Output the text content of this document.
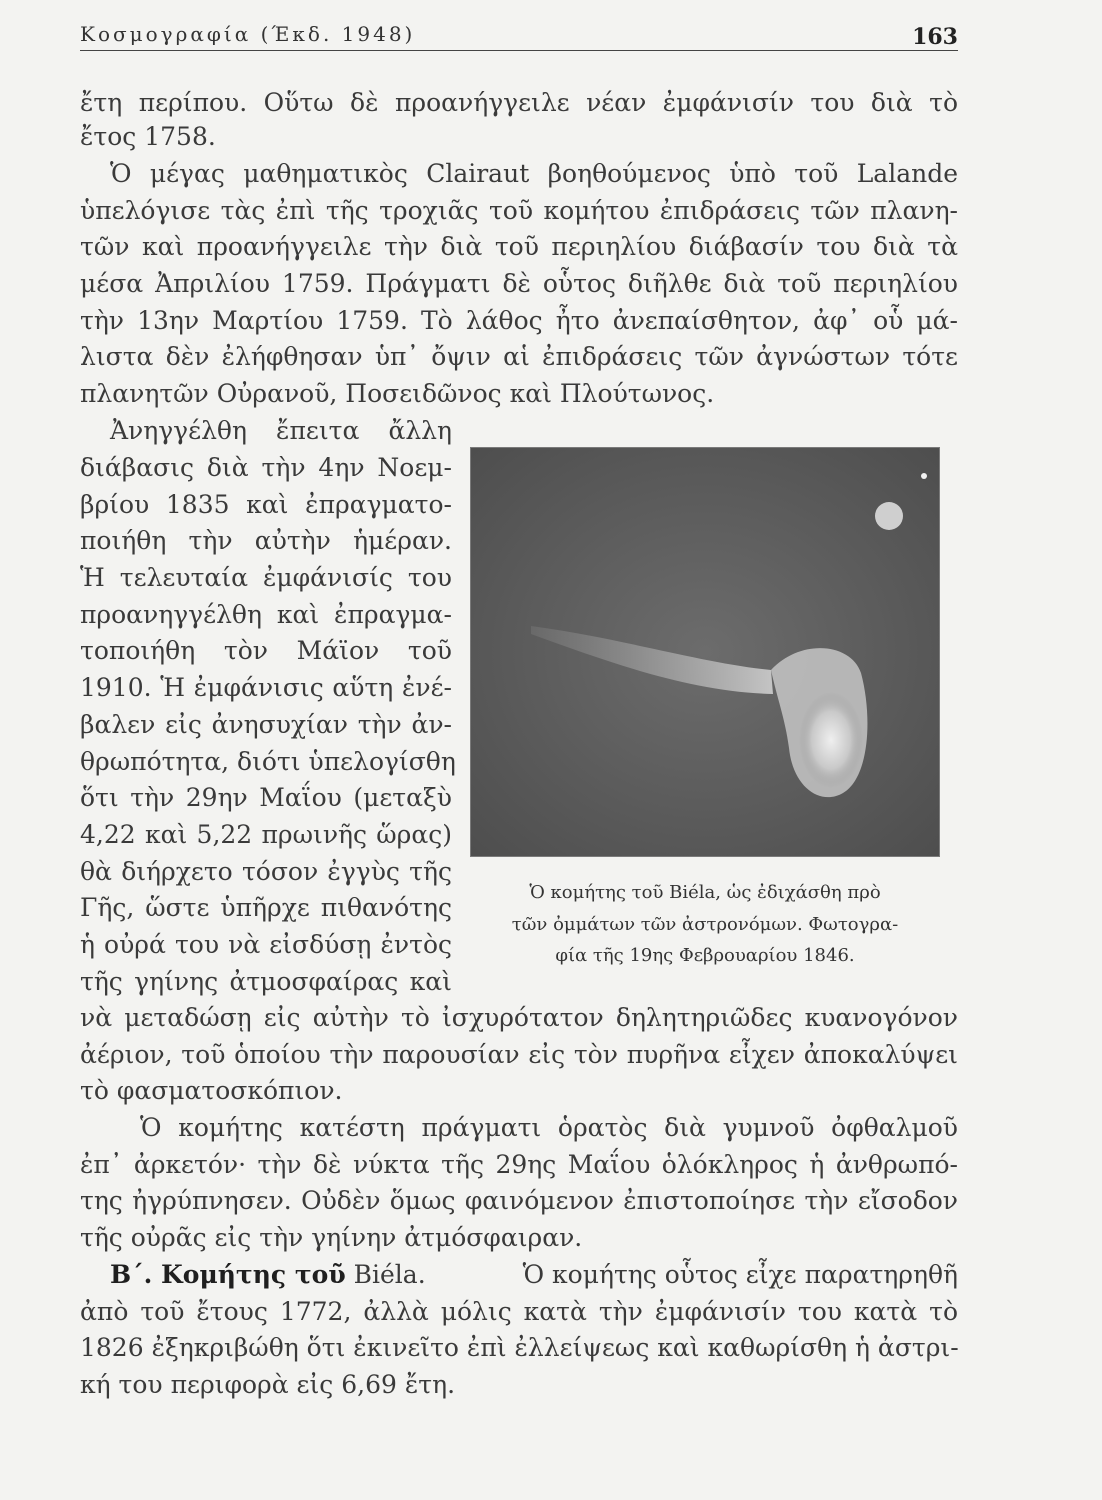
Κοσμογραφία (Έκδ. 1948)	163
ἔτη περίπου. Οὕτω δὲ προανήγγειλε νέαν ἐμφάνισίν του διὰ τὸ
ἔτος 1758.
Ὁ μέγας μαθηματικὸς Clairaut βοηθούμενος ὑπὸ τοῦ Lalande
ὑπελόγισε τὰς ἐπὶ τῆς τροχιᾶς τοῦ κομήτου ἐπιδράσεις τῶν πλανη-
τῶν καὶ προανήγγειλε τὴν διὰ τοῦ περιηλίου διάβασίν του διὰ τὰ
μέσα Ἀπριλίου 1759. Πράγματι δὲ οὗτος διῆλθε διὰ τοῦ περιηλίου
τὴν 13ην Μαρτίου 1759. Τὸ λάθος ἦτο ἀνεπαίσθητον, ἀφ᾽ οὗ μά-
λιστα δὲν ἐλήφθησαν ὑπ᾽ ὄψιν αἱ ἐπιδράσεις τῶν ἀγνώστων τότε
πλανητῶν Οὐρανοῦ, Ποσειδῶνος καὶ Πλούτωνος.
Ἀνηγγέλθη ἔπειτα ἄλλη
διάβασις διὰ τὴν 4ην Νοεμ-
βρίου 1835 καὶ ἐπραγματο-
ποιήθη τὴν αὐτὴν ἡμέραν.
Ἡ τελευταία ἐμφάνισίς του
προανηγγέλθη καὶ ἐπραγμα-
τοποιήθη τὸν Μάϊον τοῦ
1910. Ἡ ἐμφάνισις αὕτη ἐνέ-
βαλεν εἰς ἀνησυχίαν τὴν ἀν-
θρωπότητα, διότι ὑπελογίσθη
ὅτι τὴν 29ην Μαΐου (μεταξὺ
4,22 καὶ 5,22 πρωινῆς ὥρας)
θὰ διήρχετο τόσον ἐγγὺς τῆς
Γῆς, ὥστε ὑπῆρχε πιθανότης
ἡ οὐρά του νὰ εἰσδύσῃ ἐντὸς
τῆς γηίνης ἀτμοσφαίρας καὶ
Ὁ κομήτης τοῦ Biéla, ὡς ἐδιχάσθη πρὸ
τῶν ὀμμάτων τῶν ἀστρονόμων. Φωτογρα-
φία τῆς 19ης Φεβρουαρίου 1846.
νὰ μεταδώσῃ εἰς αὐτὴν τὸ ἰσχυρότατον δηλητηριῶδες κυανογόνον
ἀέριον, τοῦ ὁποίου τὴν παρουσίαν εἰς τὸν πυρῆνα εἶχεν ἀποκαλύψει
τὸ φασματοσκόπιον.
Ὁ κομήτης κατέστη πράγματι ὁρατὸς διὰ γυμνοῦ ὀφθαλμοῦ
ἐπ᾽ ἀρκετόν· τὴν δὲ νύκτα τῆς 29ης Μαΐου ὁλόκληρος ἡ ἀνθρωπό-
της ἠγρύπνησεν. Οὐδὲν ὅμως φαινόμενον ἐπιστοποίησε τὴν εἴσοδον
τῆς οὐρᾶς εἰς τὴν γηίνην ἀτμόσφαιραν.
Β΄. Κομήτης τοῦ Biéla.	Ὁ κομήτης οὗτος εἶχε παρατηρηθῆ
ἀπὸ τοῦ ἔτους 1772, ἀλλὰ μόλις κατὰ τὴν ἐμφάνισίν του κατὰ τὸ
1826 ἐξηκριβώθη ὅτι ἐκινεῖτο ἐπὶ ἐλλείψεως καὶ καθωρίσθη ἡ ἀστρι-
κή του περιφορὰ εἰς 6,69 ἔτη.
